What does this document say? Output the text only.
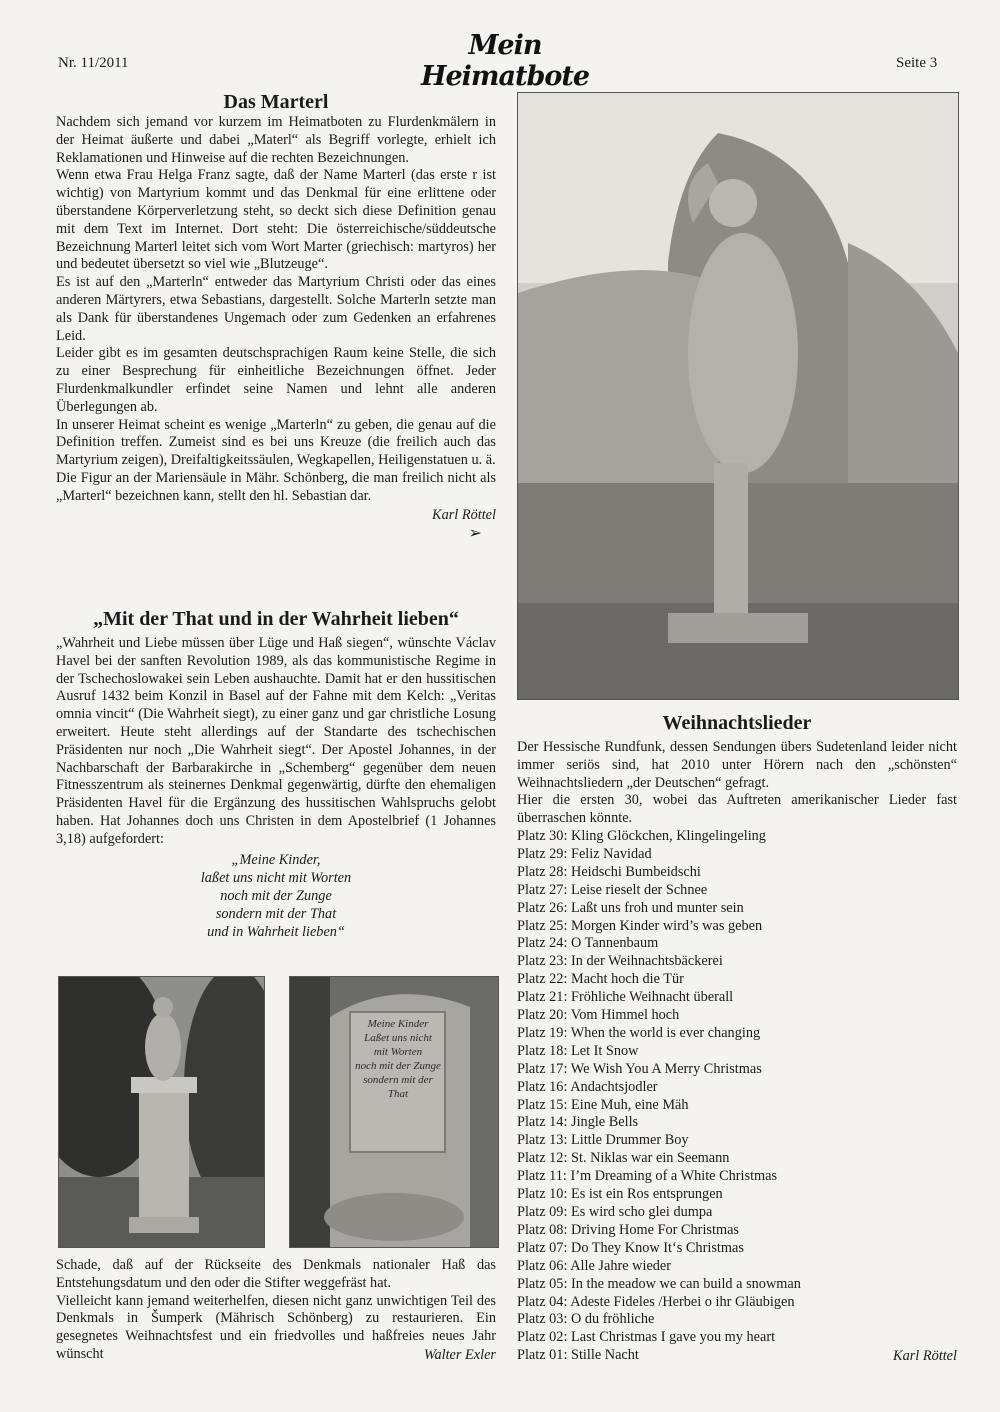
Nr. 11/2011
Mein Heimatbote	Seite 3
Das Marterl

Nachdem sich jemand vor kurzem im Heimatboten zu Flurdenkmälern in der Heimat äußerte und dabei „Materl“ als Begriff vorlegte, erhielt ich Reklamationen und Hinweise auf die rechten Bezeichnungen.

Wenn etwa Frau Helga Franz sagte, daß der Name Marterl (das erste r ist wichtig) von Martyrium kommt und das Denkmal für eine erlittene oder überstandene Körperverletzung steht, so deckt sich diese Definition genau mit dem Text im Internet. Dort steht: Die österreichische/süddeutsche Bezeichnung Marterl leitet sich vom Wort Marter (griechisch: martyros) her und bedeutet übersetzt so viel wie „Blutzeuge“.

Es ist auf den „Marterln“ entweder das Martyrium Christi oder das eines anderen Märtyrers, etwa Sebastians, dargestellt. Solche Marterln setzte man als Dank für überstandenes Ungemach oder zum Gedenken an erfahrenes Leid.

Leider gibt es im gesamten deutschsprachigen Raum keine Stelle, die sich zu einer Besprechung für einheitliche Bezeichnungen öffnet. Jeder Flurdenkmalkundler erfindet seine Namen und lehnt alle anderen Überlegungen ab.

In unserer Heimat scheint es wenige „Marterln“ zu geben, die genau auf die Definition treffen. Zumeist sind es bei uns Kreuze (die freilich auch das Martyrium zeigen), Dreifaltigkeitssäulen, Wegkapellen, Heiligenstatuen u. ä.

Die Figur an der Mariensäule in Mähr. Schönberg, die man freilich nicht als „Marterl“ bezeichnen kann, stellt den hl. Sebastian dar.

Karl Röttel
➢
„Mit der That und in der Wahrheit lieben“

„Wahrheit und Liebe müssen über Lüge und Haß siegen“, wünschte Václav Havel bei der sanften Revolution 1989, als das kommunistische Regime in der Tschechoslowakei sein Leben aushauchte. Damit hat er den hussitischen Ausruf 1432 beim Konzil in Basel auf der Fahne mit dem Kelch: „Veritas omnia vincit“ (Die Wahrheit siegt), zu einer ganz und gar christliche Losung erweitert. Heute steht allerdings auf der Standarte des tschechischen Präsidenten nur noch „Die Wahrheit siegt“. Der Apostel Johannes, in der Nachbarschaft der Barbarakirche in „Schemberg“ gegenüber dem neuen Fitnesszentrum als steinernes Denkmal gegenwärtig, dürfte den ehemaligen Präsidenten Havel für die Ergänzung des hussitischen Wahlspruchs gelobt haben. Hat Johannes doch uns Christen in dem Apostelbrief (1 Johannes 3,18) aufgefordert:

„Meine Kinder,
laßet uns nicht mit Worten
noch mit der Zunge
sondern mit der That
und in Wahrheit lieben“
Meine Kinder
Laßet uns nicht
mit Worten
noch mit der Zunge
sondern mit der
That

Schade, daß auf der Rückseite des Denkmals nationaler Haß das Entstehungsdatum und den oder die Stifter weggefräst hat.

Vielleicht kann jemand weiterhelfen, diesen nicht ganz unwichtigen Teil des Denkmals in Šumperk (Mährisch Schönberg) zu restaurieren. Ein gesegnetes Weihnachtsfest und ein friedvolles und haßfreies neues Jahr wünscht	Walter Exler
Weihnachtslieder

Der Hessische Rundfunk, dessen Sendungen übers Sudetenland leider nicht immer seriös sind, hat 2010 unter Hörern nach den „schönsten“ Weihnachtsliedern „der Deutschen“ gefragt.

Hier die ersten 30, wobei das Auftreten amerikanischer Lieder fast überraschen könnte.

Platz 30: Kling Glöckchen, Klingelingeling
Platz 29: Feliz Navidad
Platz 28: Heidschi Bumbeidschi
Platz 27: Leise rieselt der Schnee
Platz 26: Laßt uns froh und munter sein
Platz 25: Morgen Kinder wird’s was geben
Platz 24: O Tannenbaum
Platz 23: In der Weihnachtsbäckerei
Platz 22: Macht hoch die Tür
Platz 21: Fröhliche Weihnacht überall
Platz 20: Vom Himmel hoch
Platz 19: When the world is ever changing
Platz 18: Let It Snow
Platz 17: We Wish You A Merry Christmas
Platz 16: Andachtsjodler
Platz 15: Eine Muh, eine Mäh
Platz 14: Jingle Bells
Platz 13: Little Drummer Boy
Platz 12: St. Niklas war ein Seemann
Platz 11: I’m Dreaming of a White Christmas
Platz 10: Es ist ein Ros entsprungen
Platz 09: Es wird scho glei dumpa
Platz 08: Driving Home For Christmas
Platz 07: Do They Know It‘s Christmas
Platz 06: Alle Jahre wieder
Platz 05: In the meadow we can build a snowman
Platz 04: Adeste Fideles /Herbei o ihr Gläubigen
Platz 03: O du fröhliche
Platz 02: Last Christmas I gave you my heart
Platz 01: Stille Nacht	Karl Röttel
